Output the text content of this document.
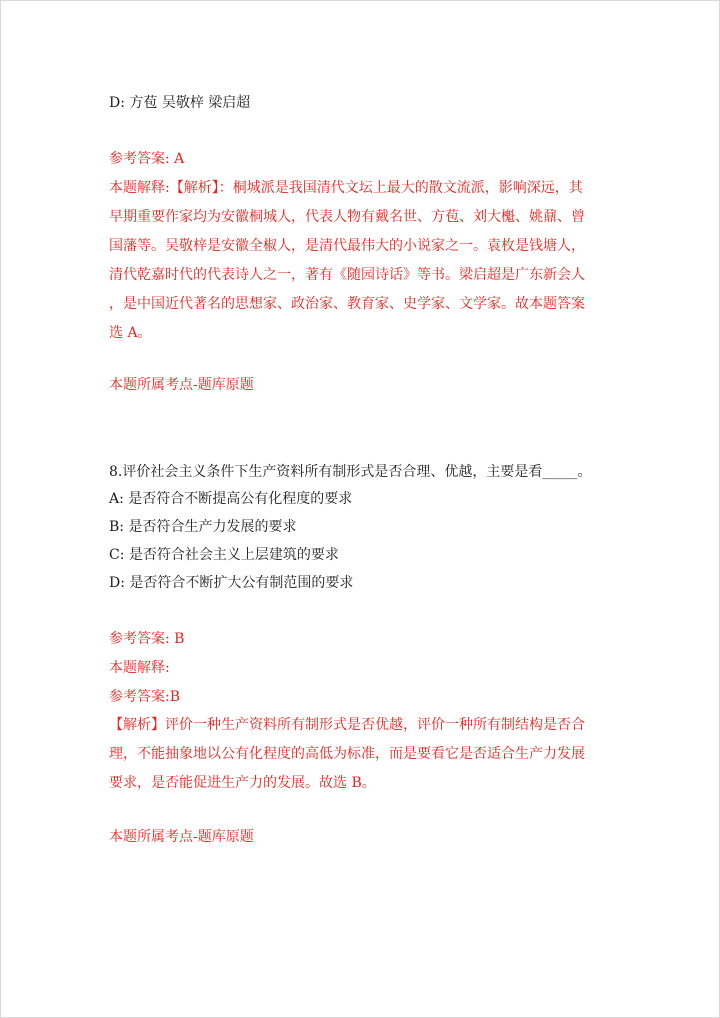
D: 方苞 吴敬梓 梁启超
参考答案: A
本题解释:【解析】：桐城派是我国清代文坛上最大的散文流派，影响深远，其
早期重要作家均为安徽桐城人，代表人物有戴名世、方苞、刘大櫆、姚鼐、曾
国藩等。吴敬梓是安徽全椒人，是清代最伟大的小说家之一。袁枚是钱塘人，
清代乾嘉时代的代表诗人之一，著有《随园诗话》等书。梁启超是广东新会人
，是中国近代著名的思想家、政治家、教育家、史学家、文学家。故本题答案
选 A。
本题所属考点-题库原题
8.评价社会主义条件下生产资料所有制形式是否合理、优越，主要是看_____。
A: 是否符合不断提高公有化程度的要求
B: 是否符合生产力发展的要求
C: 是否符合社会主义上层建筑的要求
D: 是否符合不断扩大公有制范围的要求
参考答案: B
本题解释:
参考答案:B
【解析】评价一种生产资料所有制形式是否优越，评价一种所有制结构是否合
理，不能抽象地以公有化程度的高低为标准，而是要看它是否适合生产力发展
要求，是否能促进生产力的发展。故选 B。
本题所属考点-题库原题
